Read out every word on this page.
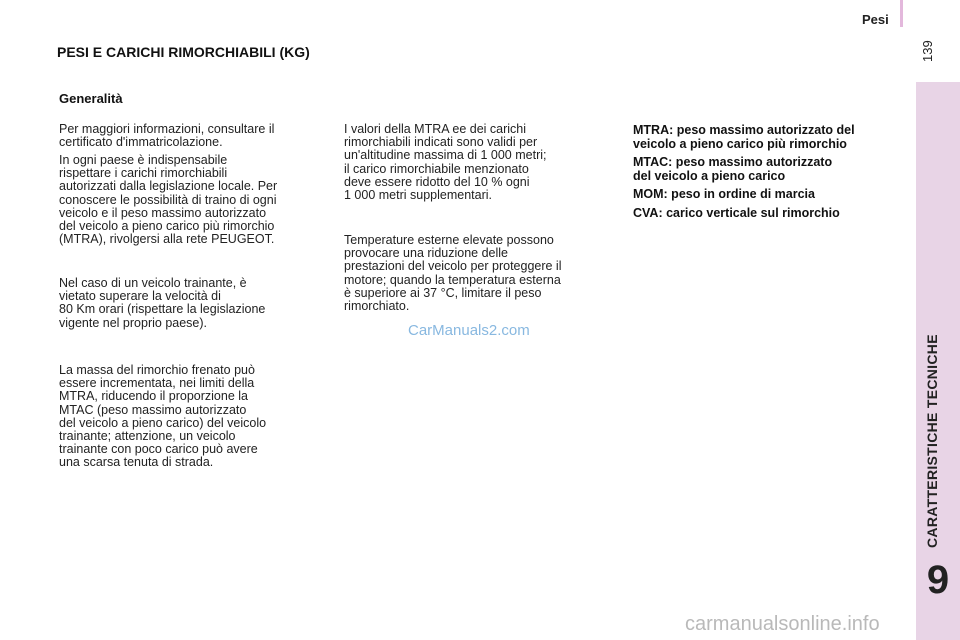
Pesi
139
CARATTERISTICHE TECNICHE
9
PESI E CARICHI RIMORCHIABILI (KG)
Generalità

Per maggiori informazioni, consultare il
certificato d'immatricolazione.

In ogni paese è indispensabile
rispettare i carichi rimorchiabili
autorizzati dalla legislazione locale. Per
conoscere le possibilità di traino di ogni
veicolo e il peso massimo autorizzato
del veicolo a pieno carico più rimorchio
(MTRA), rivolgersi alla rete PEUGEOT.

Nel caso di un veicolo trainante, è
vietato superare la velocità di
80 Km orari (rispettare la legislazione
vigente nel proprio paese).

La massa del rimorchio frenato può
essere incrementata, nei limiti della
MTRA, riducendo il proporzione la
MTAC (peso massimo autorizzato
del veicolo a pieno carico) del veicolo
trainante; attenzione, un veicolo
trainante con poco carico può avere
una scarsa tenuta di strada.

I valori della MTRA ee dei carichi
rimorchiabili indicati sono validi per
un'altitudine massima di 1 000 metri;
il carico rimorchiabile menzionato
deve essere ridotto del 10 % ogni
1 000 metri supplementari.

Temperature esterne elevate possono
provocare una riduzione delle
prestazioni del veicolo per proteggere il
motore; quando la temperatura esterna
è superiore ai 37 °C, limitare il peso
rimorchiato.

MTRA: peso massimo autorizzato del
veicolo a pieno carico più rimorchio

MTAC: peso massimo autorizzato
del veicolo a pieno carico

MOM: peso in ordine di marcia

CVA: carico verticale sul rimorchio

CarManuals2.com
carmanualsonline.info
